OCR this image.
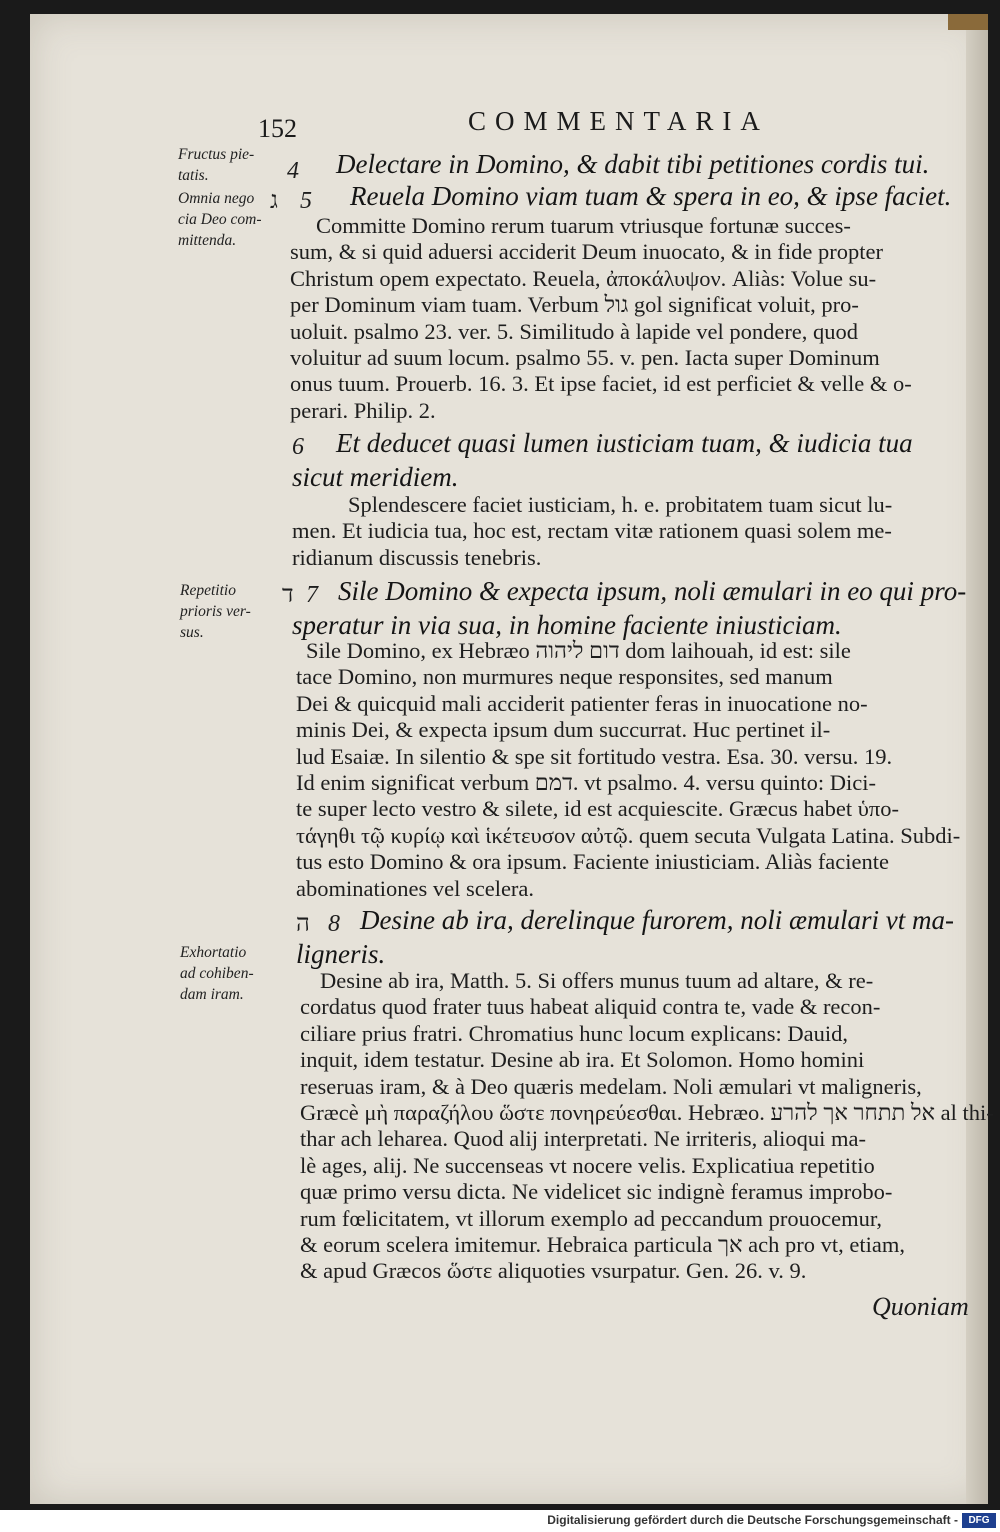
152	COMMENTARIA
Fructus pie-
tatis.
Omnia nego
cia Deo com-
mittenda.
Repetitio
prioris ver-
sus.
Exhortatio
ad cohiben-
dam iram.
4 Delectare in Domino, & dabit tibi petitiones cordis tui.
ג 5 Reuela Domino viam tuam & spera in eo, & ipse faciet.
Committe Domino rerum tuarum vtriusque fortunæ succes-
sum, & si quid aduersi acciderit Deum inuocato, & in fide propter
Christum opem expectato. Reuela, ἀποκάλυψον. Aliàs: Volue su-
per Dominum viam tuam. Verbum גול gol significat voluit, pro-
uoluit. psalmo 23. ver. 5. Similitudo à lapide vel pondere, quod
voluitur ad suum locum. psalmo 55. v. pen. Iacta super Dominum
onus tuum. Prouerb. 16. 3. Et ipse faciet, id est perficiet & velle & o-
perari. Philip. 2.
6 Et deducet quasi lumen iusticiam tuam, & iudicia tua
sicut meridiem.
Splendescere faciet iusticiam, h. e. probitatem tuam sicut lu-
men. Et iudicia tua, hoc est, rectam vitæ rationem quasi solem me-
ridianum discussis tenebris.
ד 7 Sile Domino & expecta ipsum, noli æmulari in eo qui pro-
speratur in via sua, in homine faciente iniusticiam.
Sile Domino, ex Hebræo דום ליהוה dom laihouah, id est: sile
tace Domino, non murmures neque responsites, sed manum
Dei & quicquid mali acciderit patienter feras in inuocatione no-
minis Dei, & expecta ipsum dum succurrat. Huc pertinet il-
lud Esaiæ. In silentio & spe sit fortitudo vestra. Esa. 30. versu. 19.
Id enim significat verbum דמם. vt psalmo. 4. versu quinto: Dici-
te super lecto vestro & silete, id est acquiescite. Græcus habet ὑπο-
τάγηθι τῷ κυρίῳ καὶ ἱκέτευσον αὐτῷ. quem secuta Vulgata Latina. Subdi-
tus esto Domino & ora ipsum. Faciente iniusticiam. Aliàs faciente
abominationes vel scelera.
ה 8 Desine ab ira, derelinque furorem, noli æmulari vt ma-
ligneris.
Desine ab ira, Matth. 5. Si offers munus tuum ad altare, & re-
cordatus quod frater tuus habeat aliquid contra te, vade & recon-
ciliare prius fratri. Chromatius hunc locum explicans: Dauid,
inquit, idem testatur. Desine ab ira. Et Solomon. Homo homini
reseruas iram, & à Deo quæris medelam. Noli æmulari vt maligneris,
Græcè μὴ παραζήλου ὥστε πονηρεύεσθαι. Hebræo. אל תתחר אך להרע al thi-
thar ach leharea. Quod alij interpretati. Ne irriteris, alioqui ma-
lè ages, alij. Ne succenseas vt nocere velis. Explicatiua repetitio
quæ primo versu dicta. Ne videlicet sic indignè feramus improbo-
rum fœlicitatem, vt illorum exemplo ad peccandum prouocemur,
& eorum scelera imitemur. Hebraica particula אך ach pro vt, etiam,
& apud Græcos ὥστε aliquoties vsurpatur. Gen. 26. v. 9.
Quoniam
Digitalisierung gefördert durch die Deutsche Forschungsgemeinschaft -	DFG
